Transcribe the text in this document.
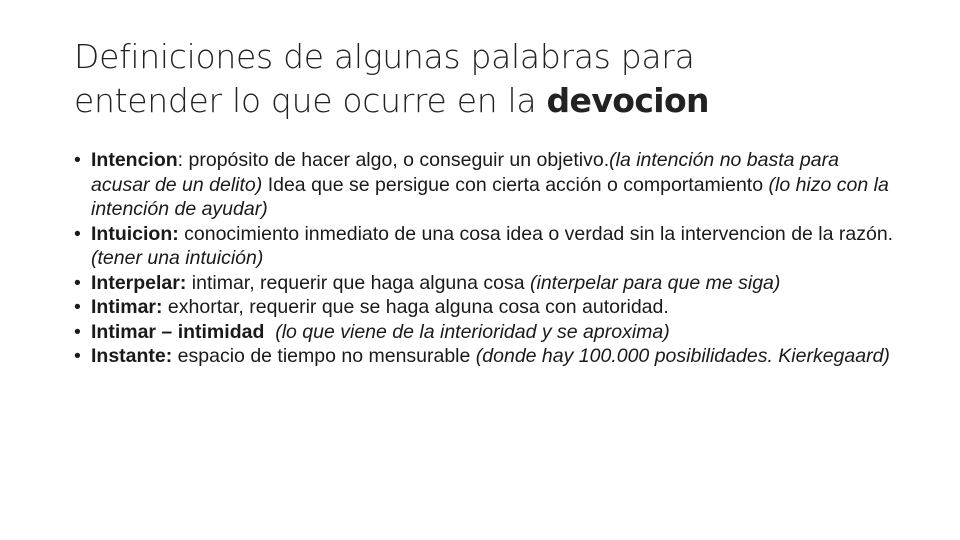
Definiciones de algunas palabras para
entender lo que ocurre en la devocion
• Intencion: propósito de hacer algo, o conseguir un objetivo.(la intención no basta para acusar de un delito) Idea que se persigue con cierta acción o comportamiento (lo hizo con la intención de ayudar)
• Intuicion: conocimiento inmediato de una cosa idea o verdad sin la intervencion de la razón. (tener una intuición)
• Interpelar: intimar, requerir que haga alguna cosa (interpelar para que me siga)
• Intimar: exhortar, requerir que se haga alguna cosa con autoridad.
• Intimar – intimidad (lo que viene de la interioridad y se aproxima)
• Instante: espacio de tiempo no mensurable (donde hay 100.000 posibilidades. Kierkegaard)
